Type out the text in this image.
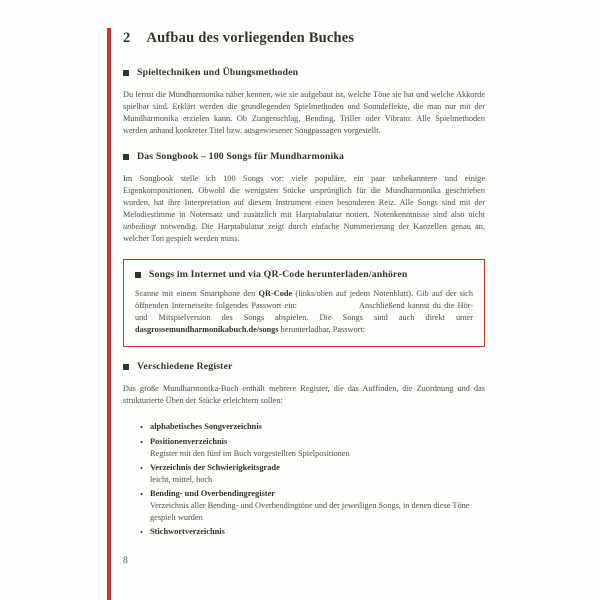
2 Aufbau des vorliegenden Buches
Spieltechniken und Übungsmethoden

Du lernst die Mundharmonika näher kennen, wie sie aufgebaut ist, welche Töne sie hat und welche Akkorde spielbar sind. Erklärt werden die grundlegenden Spielmethoden und Soundeffekte, die man nur mit der Mundharmonika erzielen kann. Ob Zungenschlag, Bending, Triller oder Vibrato: Alle Spielmethoden werden anhand konkreter Titel bzw. ausgewiesener Songpassagen vorgestellt.

Das Songbook – 100 Songs für Mundharmonika

Im Songbook stelle ich 100 Songs vor: viele populäre, ein paar unbekanntere und einige Eigenkompositionen. Obwohl die wenigsten Stücke ursprünglich für die Mundharmonika geschrieben wurden, hat ihre Interpretation auf diesem Instrument einen besonderen Reiz. Alle Songs sind mit der Melodiestimme in Notensatz und zusätzlich mit Harptabulatur notiert. Notenkenntnisse sind also nicht unbedingt notwendig. Die Harptabulatur zeigt durch einfache Nummerierung der Kanzellen genau an, welcher Ton gespielt werden muss.

Songs im Internet und via QR-Code herunterladen/anhören

Scanne mit einem Smartphone den QR-Code (links/oben auf jedem Notenblatt). Gib auf der sich öffnenden Internetseite folgendes Passwort ein:	Anschließend kannst du die Hör- und Mitspielversion des Songs abspielen. Die Songs sind auch direkt unter dasgrossemundharmonikabuch.de/songs herunterladbar, Passwort:

Verschiedene Register

Das große Mundharmonika-Buch enthält mehrere Register, die das Auffinden, die Zuordnung und das strukturierte Üben der Stücke erleichtern sollen:

• alphabetisches Songverzeichnis
• Positionenverzeichnis
Register mit den fünf im Buch vorgestellten Spielpositionen
• Verzeichnis der Schwierigkeitsgrade
leicht, mittel, hoch
• Bending- und Overbendingregister
Verzeichnis aller Bending- und Overbendingtöne und der jeweiligen Songs, in denen diese Töne gespielt wurden
• Stichwortverzeichnis
8
